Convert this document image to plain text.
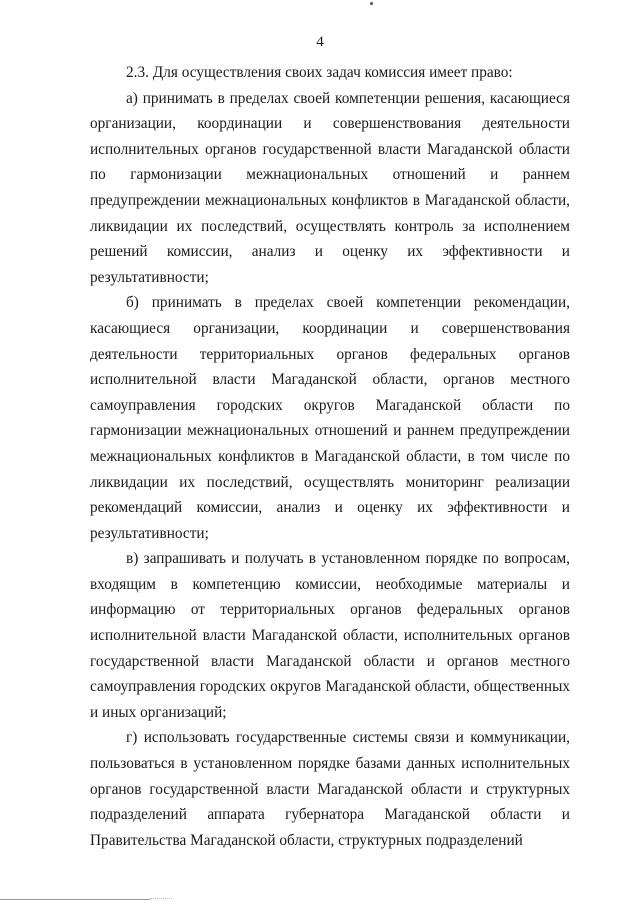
4

2.3. Для осуществления своих задач комиссия имеет право:

а) принимать в пределах своей компетенции решения, касающиеся организации, координации и совершенствования деятельности исполнительных органов государственной власти Магаданской области по гармонизации межнациональных отношений и раннем предупреждении межнациональных конфликтов в Магаданской области, ликвидации их последствий, осуществлять контроль за исполнением решений комиссии, анализ и оценку их эффективности и результативности;

б) принимать в пределах своей компетенции рекомендации, касающиеся организации, координации и совершенствования деятельности территориальных органов федеральных органов исполнительной власти Магаданской области, органов местного самоуправления городских округов Магаданской области по гармонизации межнациональных отношений и раннем предупреждении межнациональных конфликтов в Магаданской области, в том числе по ликвидации их последствий, осуществлять мониторинг реализации рекомендаций комиссии, анализ и оценку их эффективности и результативности;

в) запрашивать и получать в установленном порядке по вопросам, входящим в компетенцию комиссии, необходимые материалы и информацию от территориальных органов федеральных органов исполнительной власти Магаданской области, исполнительных органов государственной власти Магаданской области и органов местного самоуправления городских округов Магаданской области, общественных и иных организаций;

г) использовать государственные системы связи и коммуникации, пользоваться в установленном порядке базами данных исполнительных органов государственной власти Магаданской области и структурных подразделений аппарата губернатора Магаданской области и Правительства Магаданской области, структурных подразделений
